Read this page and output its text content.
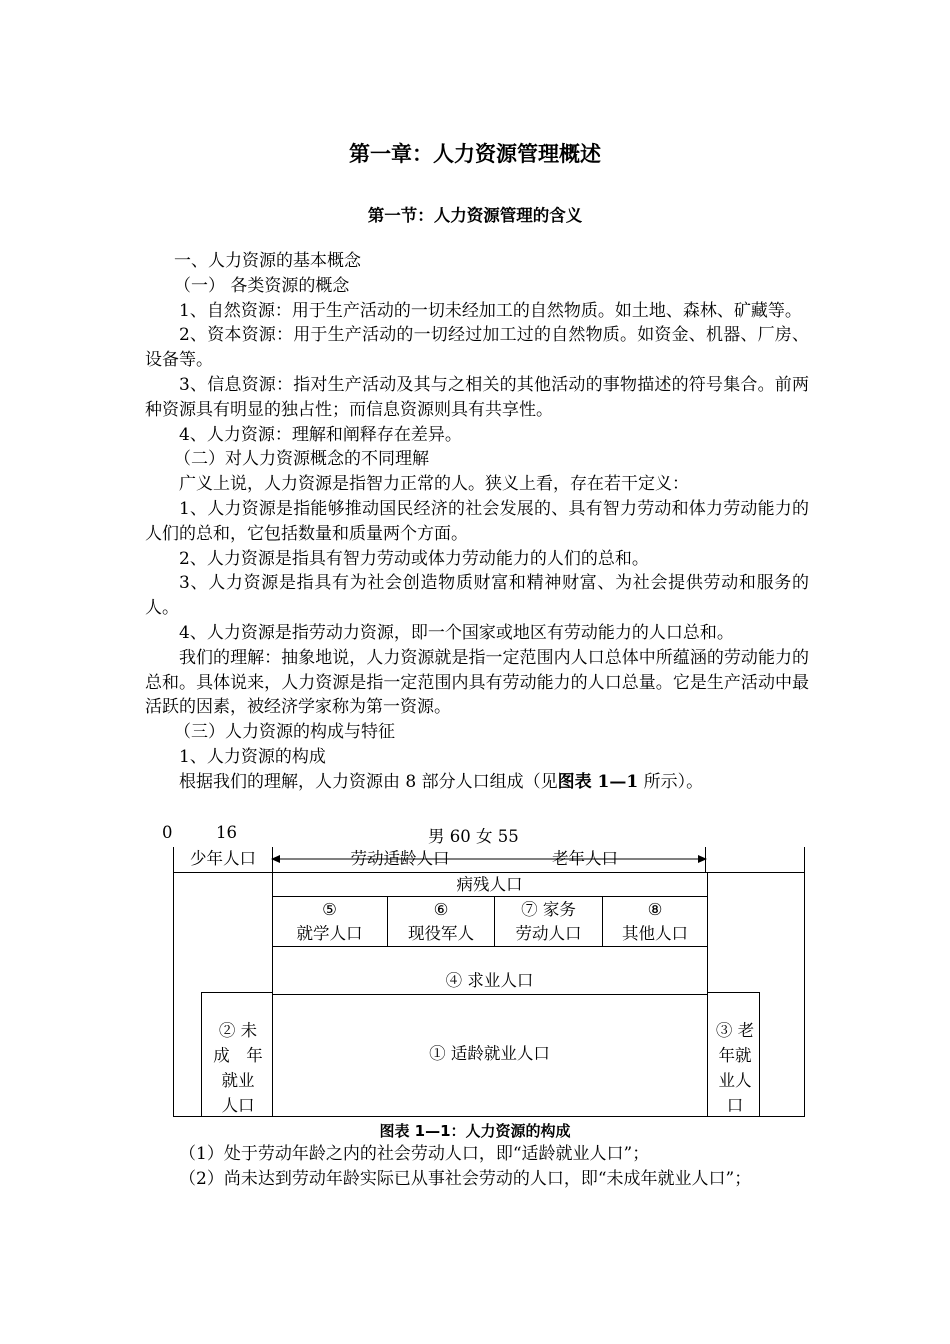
第一章：人力资源管理概述
第一节：人力资源管理的含义

一、人力资源的基本概念

（一） 各类资源的概念

1、自然资源：用于生产活动的一切未经加工的自然物质。如土地、森林、矿藏等。

2、资本资源：用于生产活动的一切经过加工过的自然物质。如资金、机器、厂房、设备等。

3、信息资源：指对生产活动及其与之相关的其他活动的事物描述的符号集合。前两种资源具有明显的独占性；而信息资源则具有共享性。

4、人力资源：理解和阐释存在差异。

（二）对人力资源概念的不同理解

广义上说，人力资源是指智力正常的人。狭义上看，存在若干定义：

1、人力资源是指能够推动国民经济的社会发展的、具有智力劳动和体力劳动能力的人们的总和，它包括数量和质量两个方面。

2、人力资源是指具有智力劳动或体力劳动能力的人们的总和。

3、人力资源是指具有为社会创造物质财富和精神财富、为社会提供劳动和服务的人。

4、人力资源是指劳动力资源，即一个国家或地区有劳动能力的人口总和。

我们的理解：抽象地说，人力资源就是指一定范围内人口总体中所蕴涵的劳动能力的总和。具体说来，人力资源是指一定范围内具有劳动能力的人口总量。它是生产活动中最活跃的因素，被经济学家称为第一资源。

（三）人力资源的构成与特征

1、人力资源的构成

根据我们的理解，人力资源由 8 部分人口组成（见图表 1—1 所示）。

0	16	男 60 女 55
少年人口	劳动适龄人口	老年人口
病残人口
⑤
就学人口
⑥
现役军人
⑦ 家务
劳动人口
⑧
其他人口
④ 求业人口
② 未
成　年
就业
人口
① 适龄就业人口
③ 老
年就
业人
口
图表 1—1：人力资源的构成

（1）处于劳动年龄之内的社会劳动人口，即“适龄就业人口”；

（2）尚未达到劳动年龄实际已从事社会劳动的人口，即“未成年就业人口”；
